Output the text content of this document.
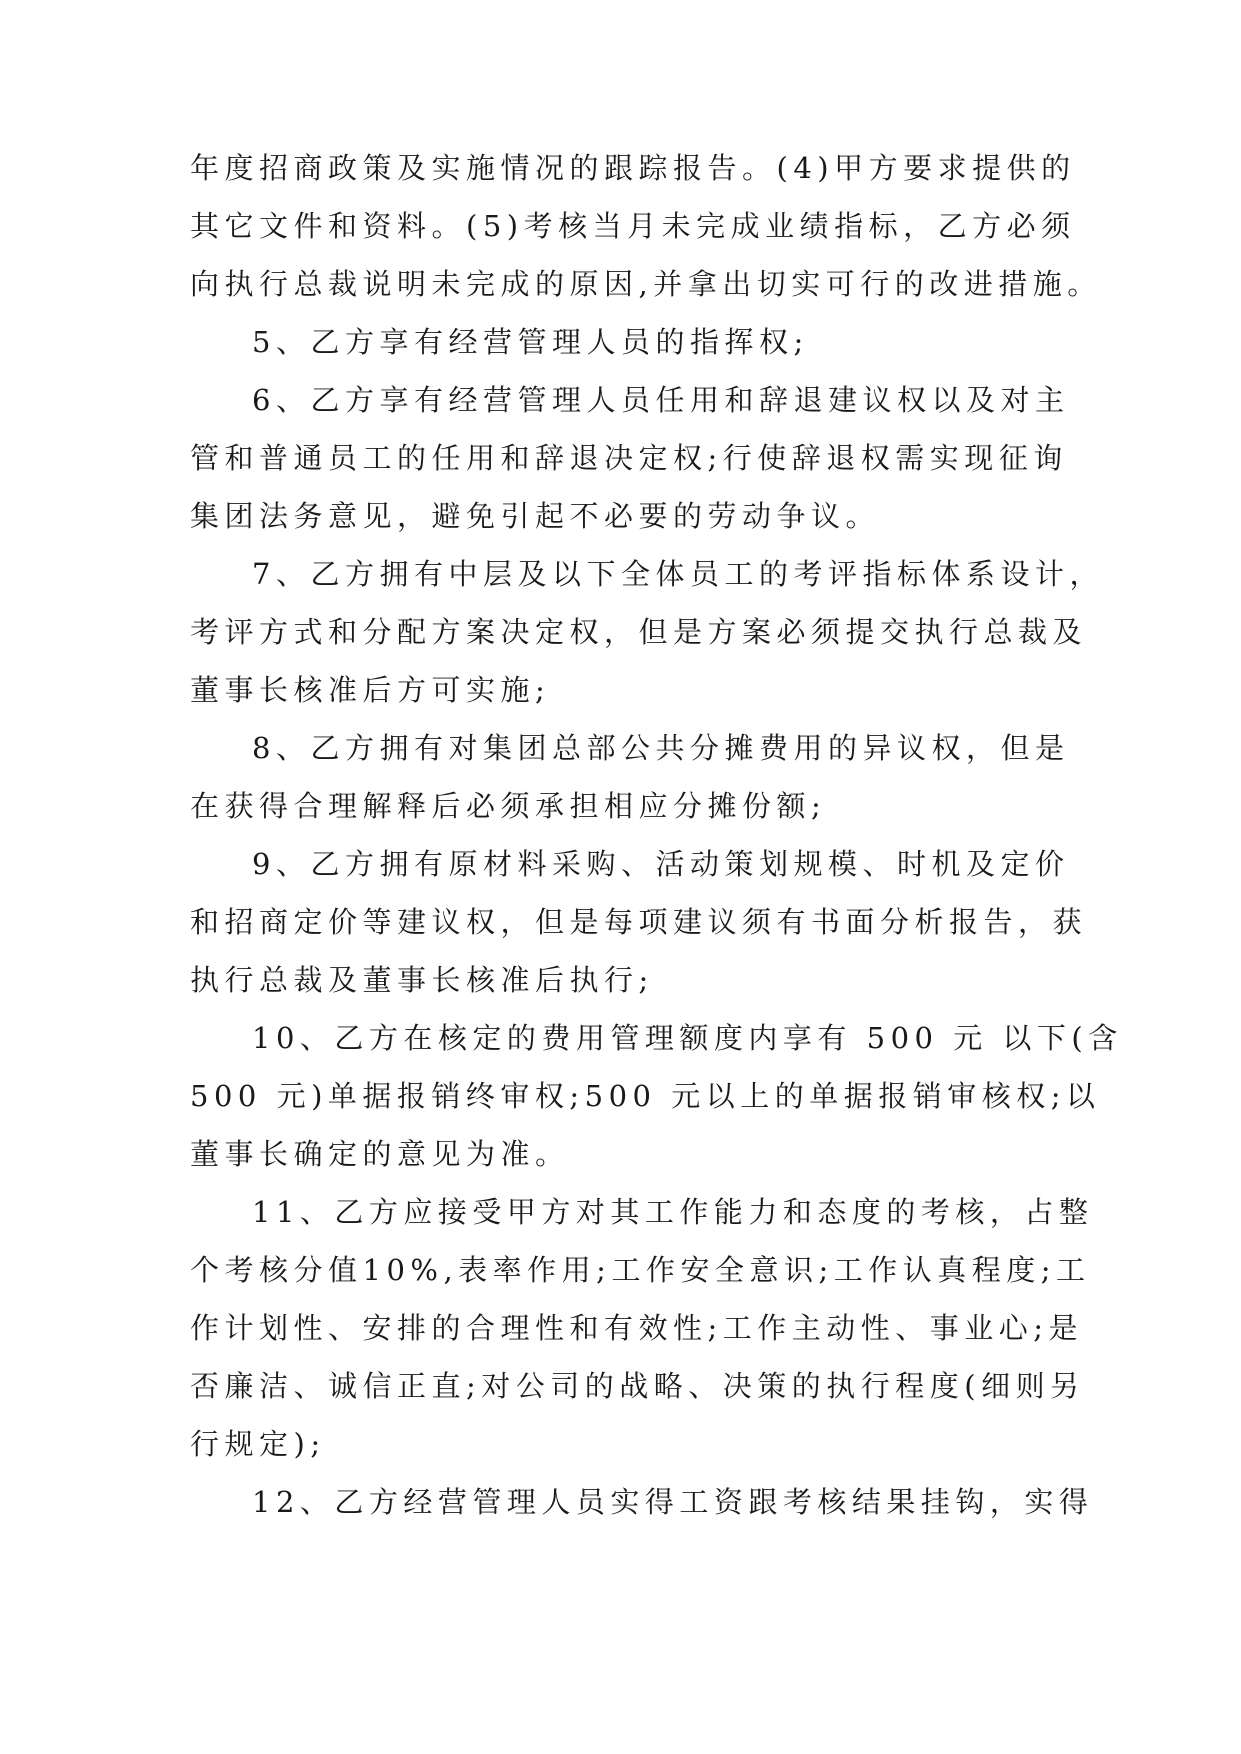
年度招商政策及实施情况的跟踪报告。(4)甲方要求提供的
其它文件和资料。(5)考核当月未完成业绩指标，乙方必须
向执行总裁说明未完成的原因,并拿出切实可行的改进措施。
5、乙方享有经营管理人员的指挥权;
6、乙方享有经营管理人员任用和辞退建议权以及对主
管和普通员工的任用和辞退决定权;行使辞退权需实现征询
集团法务意见，避免引起不必要的劳动争议。
7、乙方拥有中层及以下全体员工的考评指标体系设计，
考评方式和分配方案决定权，但是方案必须提交执行总裁及
董事长核准后方可实施;
8、乙方拥有对集团总部公共分摊费用的异议权，但是
在获得合理解释后必须承担相应分摊份额;
9、乙方拥有原材料采购、活动策划规模、时机及定价
和招商定价等建议权，但是每项建议须有书面分析报告，获
执行总裁及董事长核准后执行;
10、乙方在核定的费用管理额度内享有 500 元 以下(含
500 元)单据报销终审权;500 元以上的单据报销审核权;以
董事长确定的意见为准。
11、乙方应接受甲方对其工作能力和态度的考核，占整
个考核分值10%,表率作用;工作安全意识;工作认真程度;工
作计划性、安排的合理性和有效性;工作主动性、事业心;是
否廉洁、诚信正直;对公司的战略、决策的执行程度(细则另
行规定);
12、乙方经营管理人员实得工资跟考核结果挂钩，实得
